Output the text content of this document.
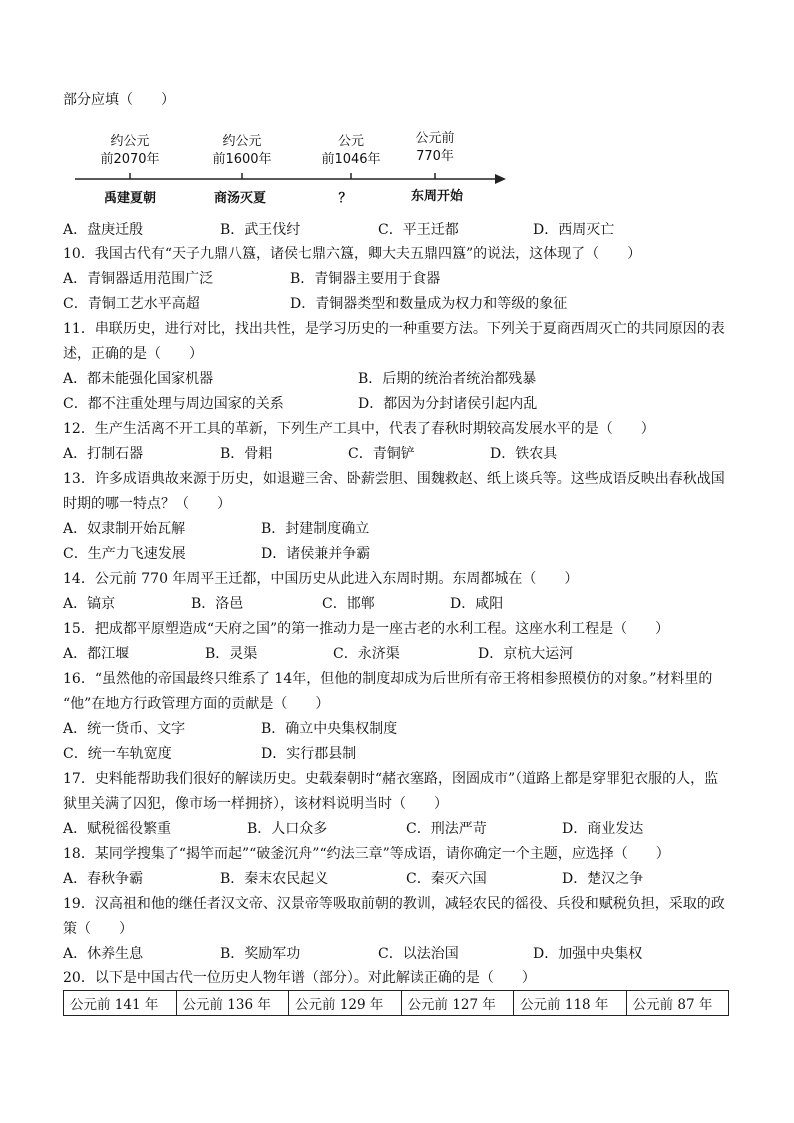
部分应填（　　）
约公元
前2070年
禹建夏朝
约公元
前1600年
商汤灭夏
公元
前1046年
？
公元前
770年
东周开始
A．盘庚迁殷	B．武王伐纣	C．平王迁都	D．西周灭亡
10．我国古代有“天子九鼎八簋，诸侯七鼎六簋，卿大夫五鼎四簋”的说法，这体现了（　　）
A．青铜器适用范围广泛	B．青铜器主要用于食器
C．青铜工艺水平高超	D．青铜器类型和数量成为权力和等级的象征
11．串联历史，进行对比，找出共性，是学习历史的一种重要方法。下列关于夏商西周灭亡的共同原因的表
述，正确的是（　　）
A．都未能强化国家机器	B．后期的统治者统治都残暴
C．都不注重处理与周边国家的关系	D．都因为分封诸侯引起内乱
12．生产生活离不开工具的革新，下列生产工具中，代表了春秋时期较高发展水平的是（　　）
A．打制石器	B．骨耜	C．青铜铲	D．铁农具
13．许多成语典故来源于历史，如退避三舍、卧薪尝胆、围魏救赵、纸上谈兵等。这些成语反映出春秋战国
时期的哪一特点？（　　）
A．奴隶制开始瓦解	B．封建制度确立
C．生产力飞速发展	D．诸侯兼并争霸
14．公元前 770 年周平王迁都，中国历史从此进入东周时期。东周都城在（　　）
A．镐京	B．洛邑	C．邯郸	D．咸阳
15．把成都平原塑造成“天府之国”的第一推动力是一座古老的水利工程。这座水利工程是（　　）
A．都江堰	B．灵渠	C．永济渠	D．京杭大运河
16．“虽然他的帝国最终只维系了 14年，但他的制度却成为后世所有帝王将相参照模仿的对象。”材料里的
“他”在地方行政管理方面的贡献是（　　）
A．统一货币、文字	B．确立中央集权制度
C．统一车轨宽度	D．实行郡县制
17．史料能帮助我们很好的解读历史。史载秦朝时“赭衣塞路，囹圄成市”（道路上都是穿罪犯衣服的人，监
狱里关满了囚犯，像市场一样拥挤），该材料说明当时（　　）
A．赋税徭役繁重	B．人口众多	C．刑法严苛	D．商业发达
18．某同学搜集了“揭竿而起”“破釜沉舟”“约法三章”等成语，请你确定一个主题，应选择（　　）
A．春秋争霸	B．秦末农民起义	C．秦灭六国	D．楚汉之争
19．汉高祖和他的继任者汉文帝、汉景帝等吸取前朝的教训，减轻农民的徭役、兵役和赋税负担，采取的政
策（　　）
A．休养生息	B．奖励军功	C．以法治国	D．加强中央集权
20．以下是中国古代一位历史人物年谱（部分）。对此解读正确的是（　　）
公元前 141 年	公元前 136 年	公元前 129 年	公元前 127 年	公元前 118 年	公元前 87 年
